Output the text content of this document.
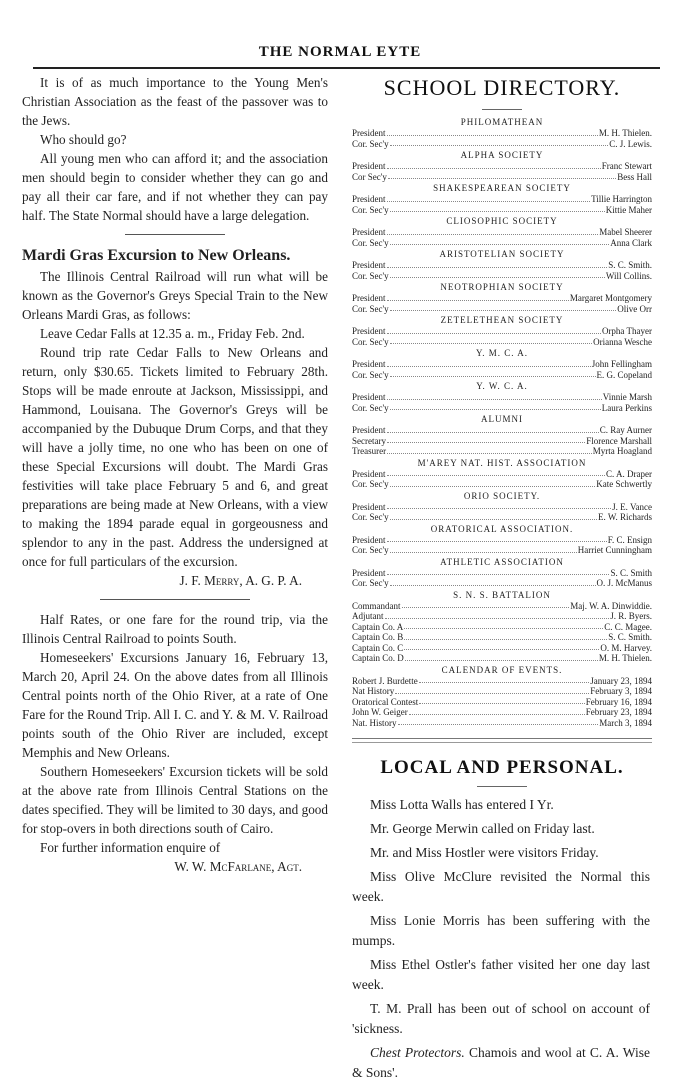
THE NORMAL EYTE

It is of as much importance to the Young Men's Christian Association as the feast of the passover was to the Jews.

Who should go?

All young men who can afford it; and the association men should begin to consider whether they can go and pay all their car fare, and if not whether they can pay half. The State Normal should have a large delegation.

Mardi Gras Excursion to New Orleans.

The Illinois Central Railroad will run what will be known as the Governor's Greys Special Train to the New Orleans Mardi Gras, as follows:

Leave Cedar Falls at 12.35 a. m., Friday Feb. 2nd.

Round trip rate Cedar Falls to New Orleans and return, only $30.65. Tickets limited to February 28th. Stops will be made enroute at Jackson, Mississippi, and Hammond, Louisana. The Governor's Greys will be accompanied by the Dubuque Drum Corps, and that they will have a jolly time, no one who has been on one of these Special Excursions will doubt. The Mardi Gras festivities will take place February 5 and 6, and great preparations are being made at New Orleans, with a view to making the 1894 parade equal in gorgeousness and splendor to any in the past. Address the undersigned at once for full particulars of the excursion.

J. F. Merry, A. G. P. A.

Half Rates, or one fare for the round trip, via the Illinois Central Railroad to points South.

Homeseekers' Excursions January 16, February 13, March 20, April 24. On the above dates from all Illinois Central points north of the Ohio River, at a rate of One Fare for the Round Trip. All I. C. and Y. & M. V. Railroad points south of the Ohio River are included, except Memphis and New Orleans.

Southern Homeseekers' Excursion tickets will be sold at the above rate from Illinois Central Stations on the dates specified. They will be limited to 30 days, and good for stop-overs in both directions south of Cairo.

For further information enquire of

W. W. McFarlane, Agt.

SCHOOL DIRECTORY.
PHILOMATHEAN
President	M. H. Thielen.
Cor. Sec'y	C. J. Lewis.
ALPHA SOCIETY
President	Franc Stewart
Cor Sec'y	Bess Hall
SHAKESPEAREAN SOCIETY
President	Tillie Harrington
Cor. Sec'y	Kittie Maher
CLIOSOPHIC SOCIETY
President	Mabel Sheerer
Cor. Sec'y	Anna Clark
ARISTOTELIAN SOCIETY
President	S. C. Smith.
Cor. Sec'y	Will Collins.
NEOTROPHIAN SOCIETY
President	Margaret Montgomery
Cor. Sec'y	Olive Orr
ZETELETHEAN SOCIETY
President	Orpha Thayer
Cor. Sec'y	Orianna Wesche
Y. M. C. A.
President	John Fellingham
Cor. Sec'y	E. G. Copeland
Y. W. C. A.
President	Vinnie Marsh
Cor. Sec'y	Laura Perkins
ALUMNI
President	C. Ray Aurner
Secretary	Florence Marshall
Treasurer	Myrta Hoagland
M'AREY NAT. HIST. ASSOCIATION
President	C. A. Draper
Cor. Sec'y	Kate Schwertly
ORIO SOCIETY.
President	J. E. Vance
Cor. Sec'y	E. W. Richards
ORATORICAL ASSOCIATION.
President	F. C. Ensign
Cor. Sec'y	Harriet Cunningham
ATHLETIC ASSOCIATION
President	S. C. Smith
Cor. Sec'y	O. J. McManus
S. N. S. BATTALION
Commandant	Maj. W. A. Dinwiddie.
Adjutant	J. R. Byers.
Captain Co. A	C. C. Magee.
Captain Co. B	S. C. Smith.
Captain Co. C	O. M. Harvey.
Captain Co. D	M. H. Thielen.
CALENDAR OF EVENTS.
Robert J. Burdette	January 23, 1894
Nat History	February 3, 1894
Oratorical Contest	February 16, 1894
John W. Geiger	February 23, 1894
Nat. History	March 3, 1894
LOCAL AND PERSONAL.

Miss Lotta Walls has entered I Yr.

Mr. George Merwin called on Friday last.

Mr. and Miss Hostler were visitors Friday.

Miss Olive McClure revisited the Normal this week.

Miss Lonie Morris has been suffering with the mumps.

Miss Ethel Ostler's father visited her one day last week.

T. M. Prall has been out of school on account of 'sickness.

Chest Protectors. Chamois and wool at C. A. Wise & Sons'.
